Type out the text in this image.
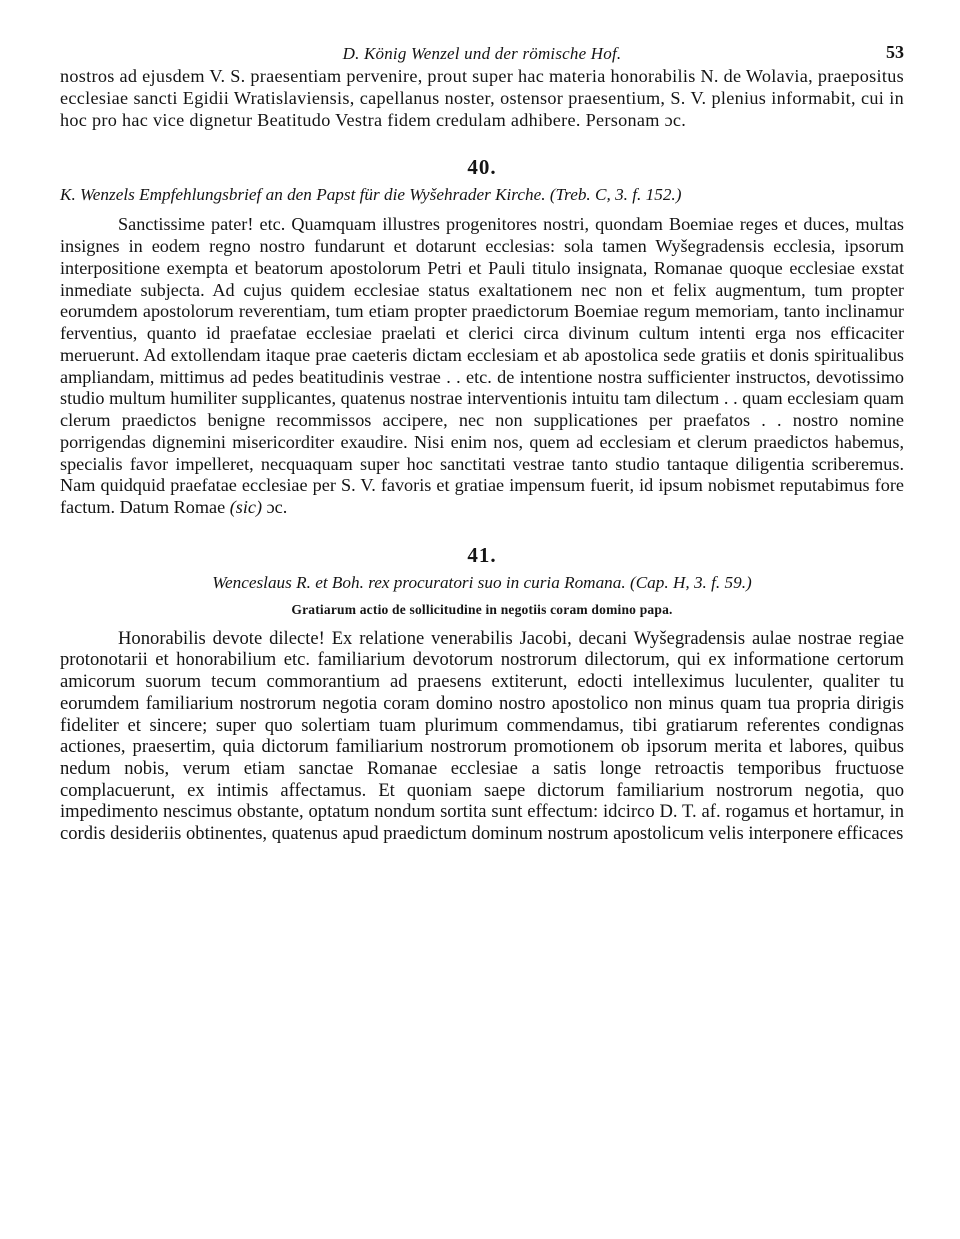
D. König Wenzel und der römische Hof.	53

nostros ad ejusdem V. S. praesentiam pervenire, prout super hac materia honorabilis N. de Wolavia, praepositus ecclesiae sancti Egidii Wratislaviensis, capellanus noster, ostensor praesentium, S. V. plenius informabit, cui in hoc pro hac vice dignetur Beatitudo Vestra fidem credulam adhibere. Personam ɔc.

40.
K. Wenzels Empfehlungsbrief an den Papst für die Wyšehrader Kirche. (Treb. C, 3. f. 152.)

Sanctissime pater! etc. Quamquam illustres progenitores nostri, quondam Boemiae reges et duces, multas insignes in eodem regno nostro fundarunt et dotarunt ecclesias: sola tamen Wyšegradensis ecclesia, ipsorum interpositione exempta et beatorum apostolorum Petri et Pauli titulo insignata, Romanae quoque ecclesiae exstat inmediate subjecta. Ad cujus quidem ecclesiae status exaltationem nec non et felix augmentum, tum propter eorumdem apostolorum reverentiam, tum etiam propter praedictorum Boemiae regum memoriam, tanto inclinamur ferventius, quanto id praefatae ecclesiae praelati et clerici circa divinum cultum intenti erga nos efficaciter meruerunt. Ad extollendam itaque prae caeteris dictam ecclesiam et ab apostolica sede gratiis et donis spiritualibus ampliandam, mittimus ad pedes beatitudinis vestrae . . etc. de intentione nostra sufficienter instructos, devotissimo studio multum humiliter supplicantes, quatenus nostrae interventionis intuitu tam dilectum . . quam ecclesiam quam clerum praedictos benigne recommissos accipere, nec non supplicationes per praefatos . . nostro nomine porrigendas dignemini misericorditer exaudire. Nisi enim nos, quem ad ecclesiam et clerum praedictos habemus, specialis favor impelleret, necquaquam super hoc sanctitati vestrae tanto studio tantaque diligentia scriberemus. Nam quidquid praefatae ecclesiae per S. V. favoris et gratiae impensum fuerit, id ipsum nobismet reputabimus fore factum. Datum Romae (sic) ɔc.

41.
Wenceslaus R. et Boh. rex procuratori suo in curia Romana. (Cap. H, 3. f. 59.)
Gratiarum actio de sollicitudine in negotiis coram domino papa.

Honorabilis devote dilecte! Ex relatione venerabilis Jacobi, decani Wyšegradensis aulae nostrae regiae protonotarii et honorabilium etc. familiarium devotorum nostrorum dilectorum, qui ex informatione certorum amicorum suorum tecum commorantium ad praesens extiterunt, edocti intelleximus luculenter, qualiter tu eorumdem familiarium nostrorum negotia coram domino nostro apostolico non minus quam tua propria dirigis fideliter et sincere; super quo solertiam tuam plurimum commendamus, tibi gratiarum referentes condignas actiones, praesertim, quia dictorum familiarium nostrorum promotionem ob ipsorum merita et labores, quibus nedum nobis, verum etiam sanctae Romanae ecclesiae a satis longe retroactis temporibus fructuose complacuerunt, ex intimis affectamus. Et quoniam saepe dictorum familiarium nostrorum negotia, quo impedimento nescimus obstante, optatum nondum sortita sunt effectum: idcirco D. T. af. rogamus et hortamur, in cordis desideriis obtinentes, quatenus apud praedictum dominum nostrum apostolicum velis interponere efficaces
